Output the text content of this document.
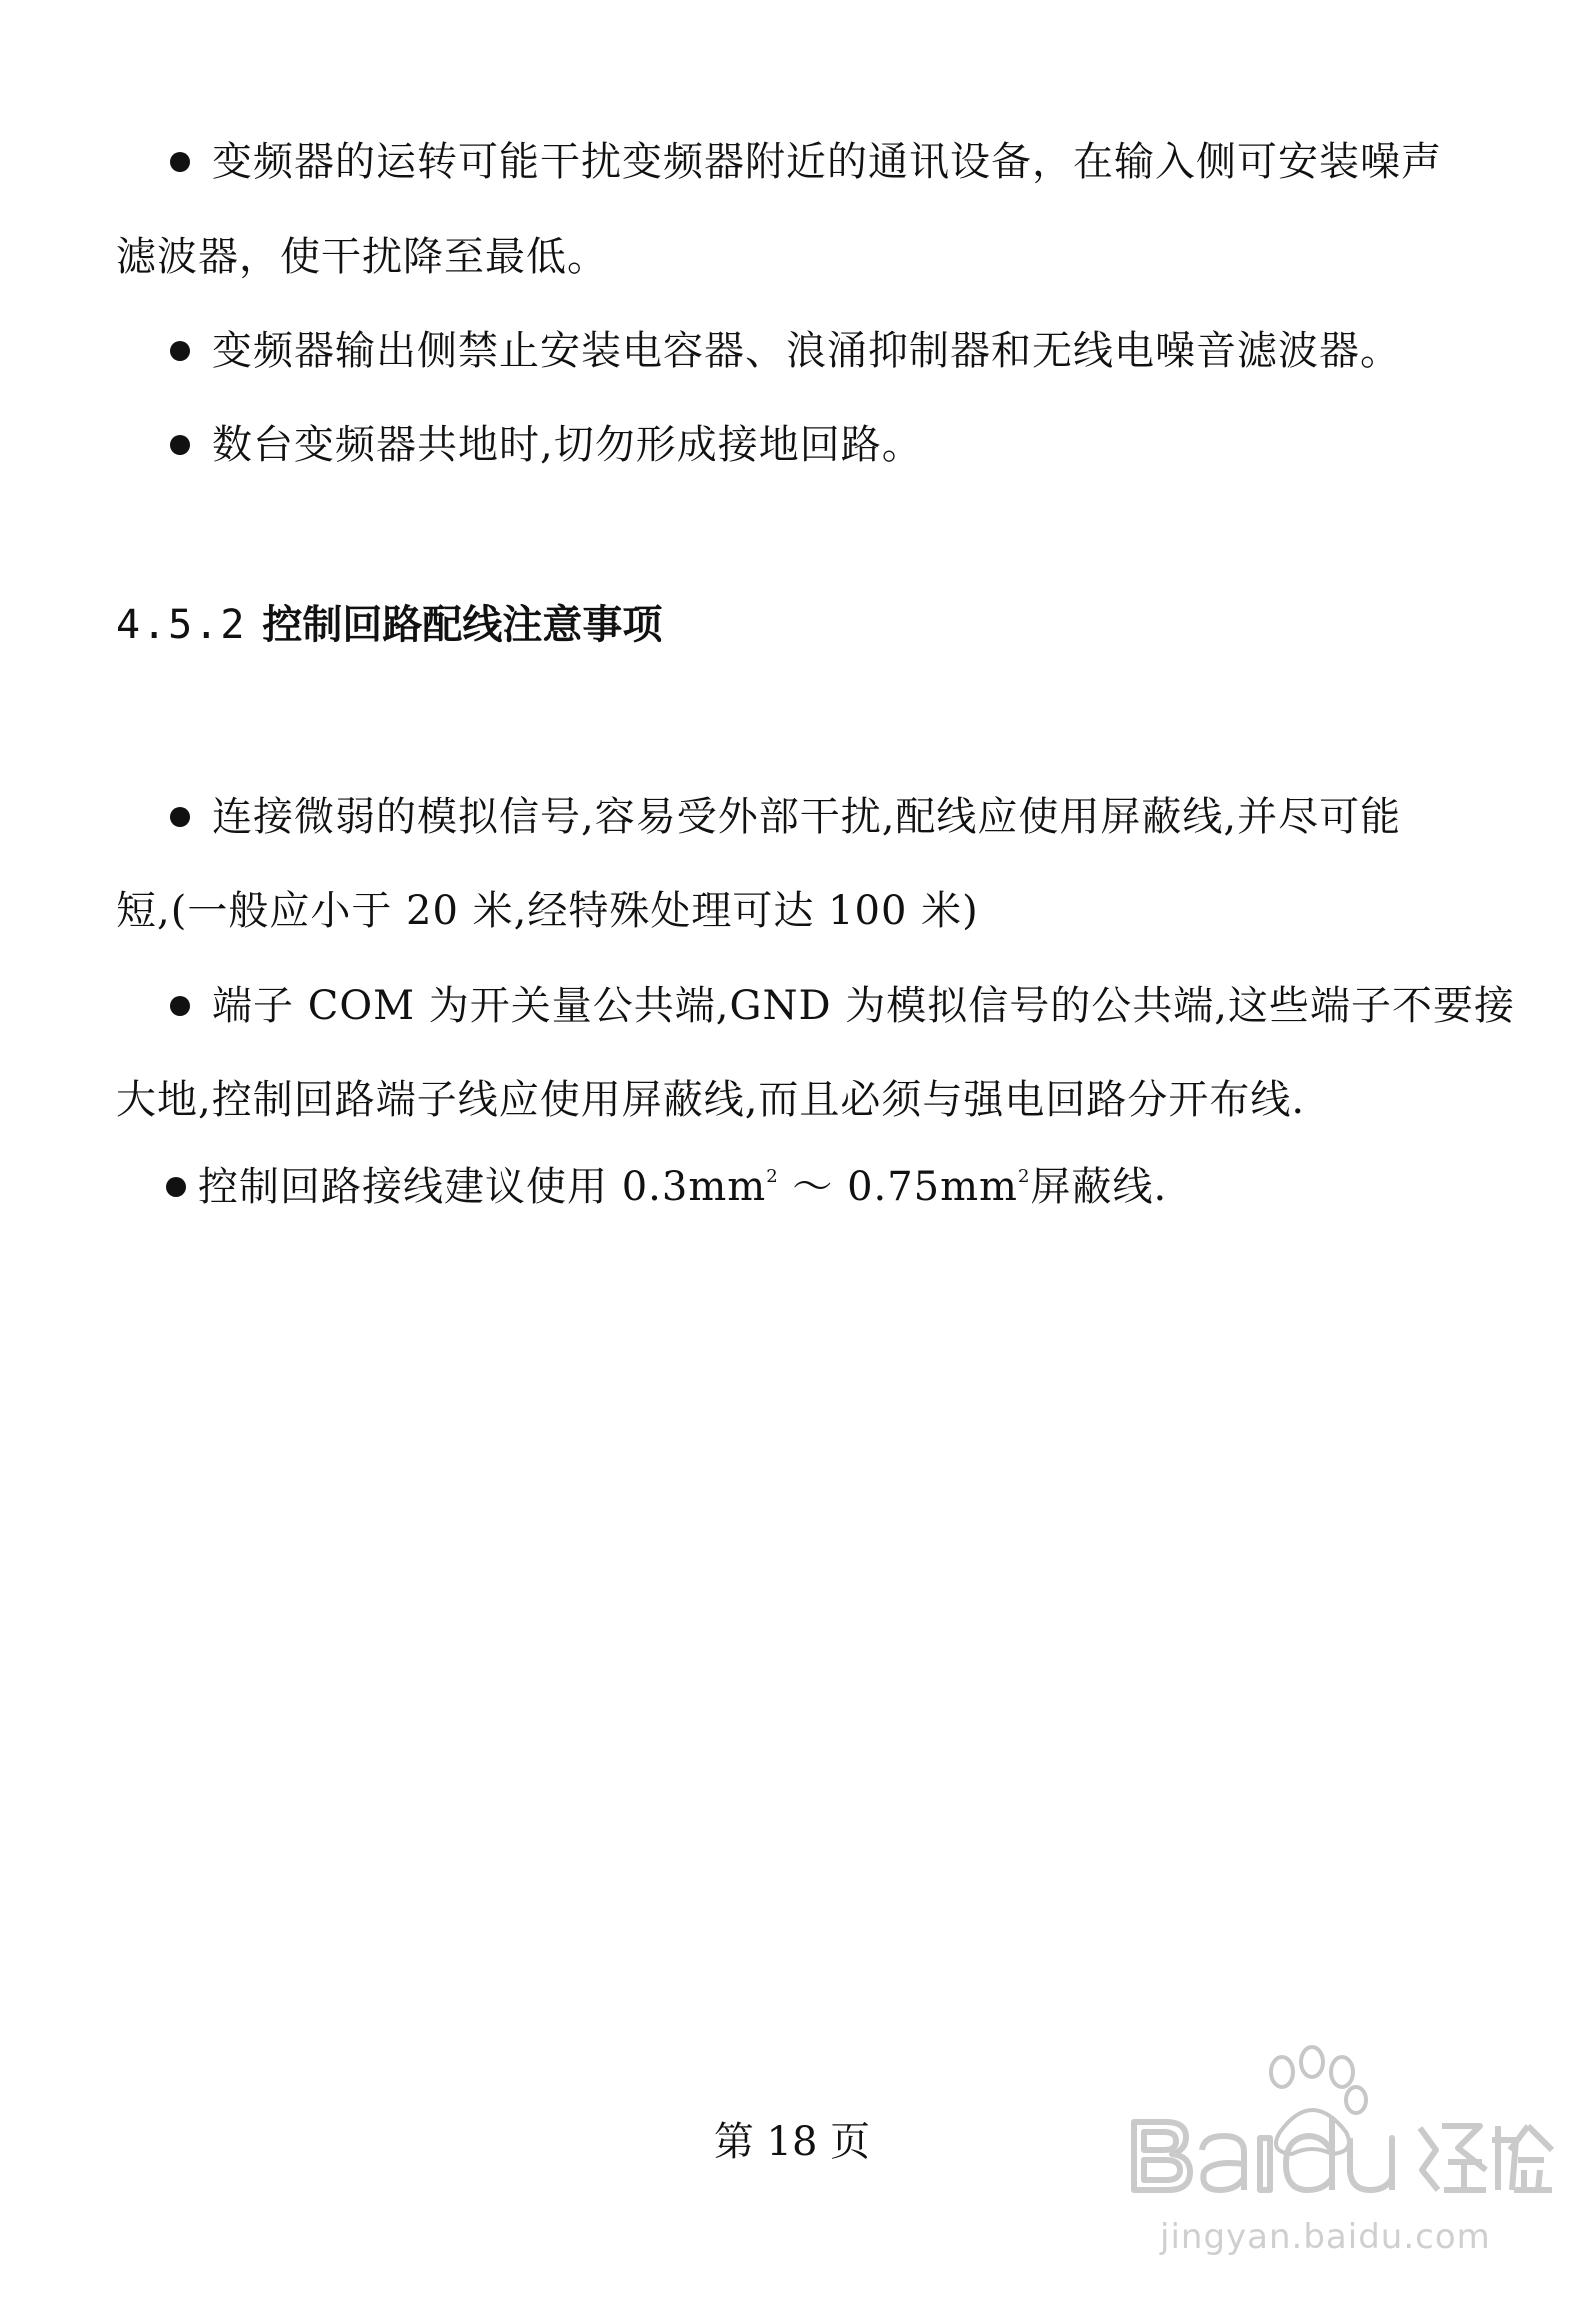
变频器的运转可能干扰变频器附近的通讯设备，在输入侧可安装噪声
滤波器，使干扰降至最低。
变频器输出侧禁止安装电容器、浪涌抑制器和无线电噪音滤波器。
数台变频器共地时,切勿形成接地回路。
4.5.2 控制回路配线注意事项
连接微弱的模拟信号,容易受外部干扰,配线应使用屏蔽线,并尽可能
短,(一般应小于 20 米,经特殊处理可达 100 米)
端子 COM 为开关量公共端,GND 为模拟信号的公共端,这些端子不要接
大地,控制回路端子线应使用屏蔽线,而且必须与强电回路分开布线.
控制回路接线建议使用 $0.3mm^2$ ～ $0.75mm^2$屏蔽线.
第 18 页
jingyan.baidu.com
